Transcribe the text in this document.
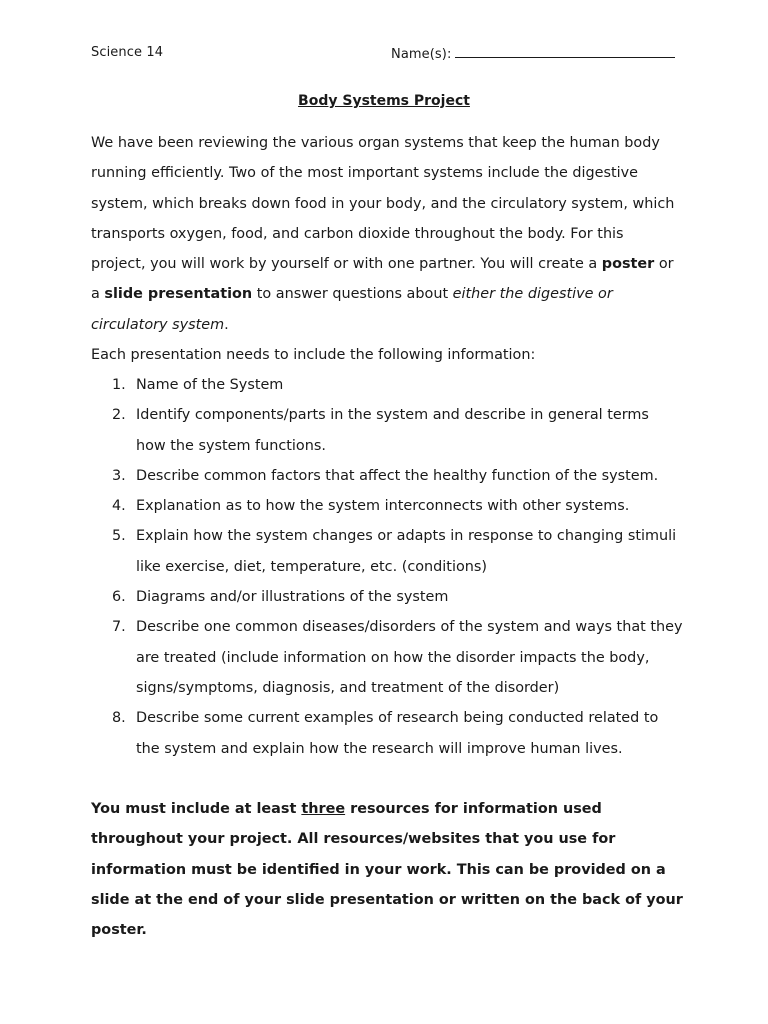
Science 14	Name(s):
Body Systems Project

We have been reviewing the various organ systems that keep the human body running efficiently. Two of the most important systems include the digestive system, which breaks down food in your body, and the circulatory system, which transports oxygen, food, and carbon dioxide throughout the body. For this project, you will work by yourself or with one partner. You will create a poster or a slide presentation to answer questions about either the digestive or circulatory system.

Each presentation needs to include the following information:

1. Name of the System
2. Identify components/parts in the system and describe in general terms how the system functions.
3. Describe common factors that affect the healthy function of the system.
4. Explanation as to how the system interconnects with other systems.
5. Explain how the system changes or adapts in response to changing stimuli like exercise, diet, temperature, etc. (conditions)
6. Diagrams and/or illustrations of the system
7. Describe one common diseases/disorders of the system and ways that they are treated (include information on how the disorder impacts the body, signs/symptoms, diagnosis, and treatment of the disorder)
8. Describe some current examples of research being conducted related to the system and explain how the research will improve human lives.

You must include at least three resources for information used throughout your project. All resources/websites that you use for information must be identified in your work. This can be provided on a slide at the end of your slide presentation or written on the back of your poster.
